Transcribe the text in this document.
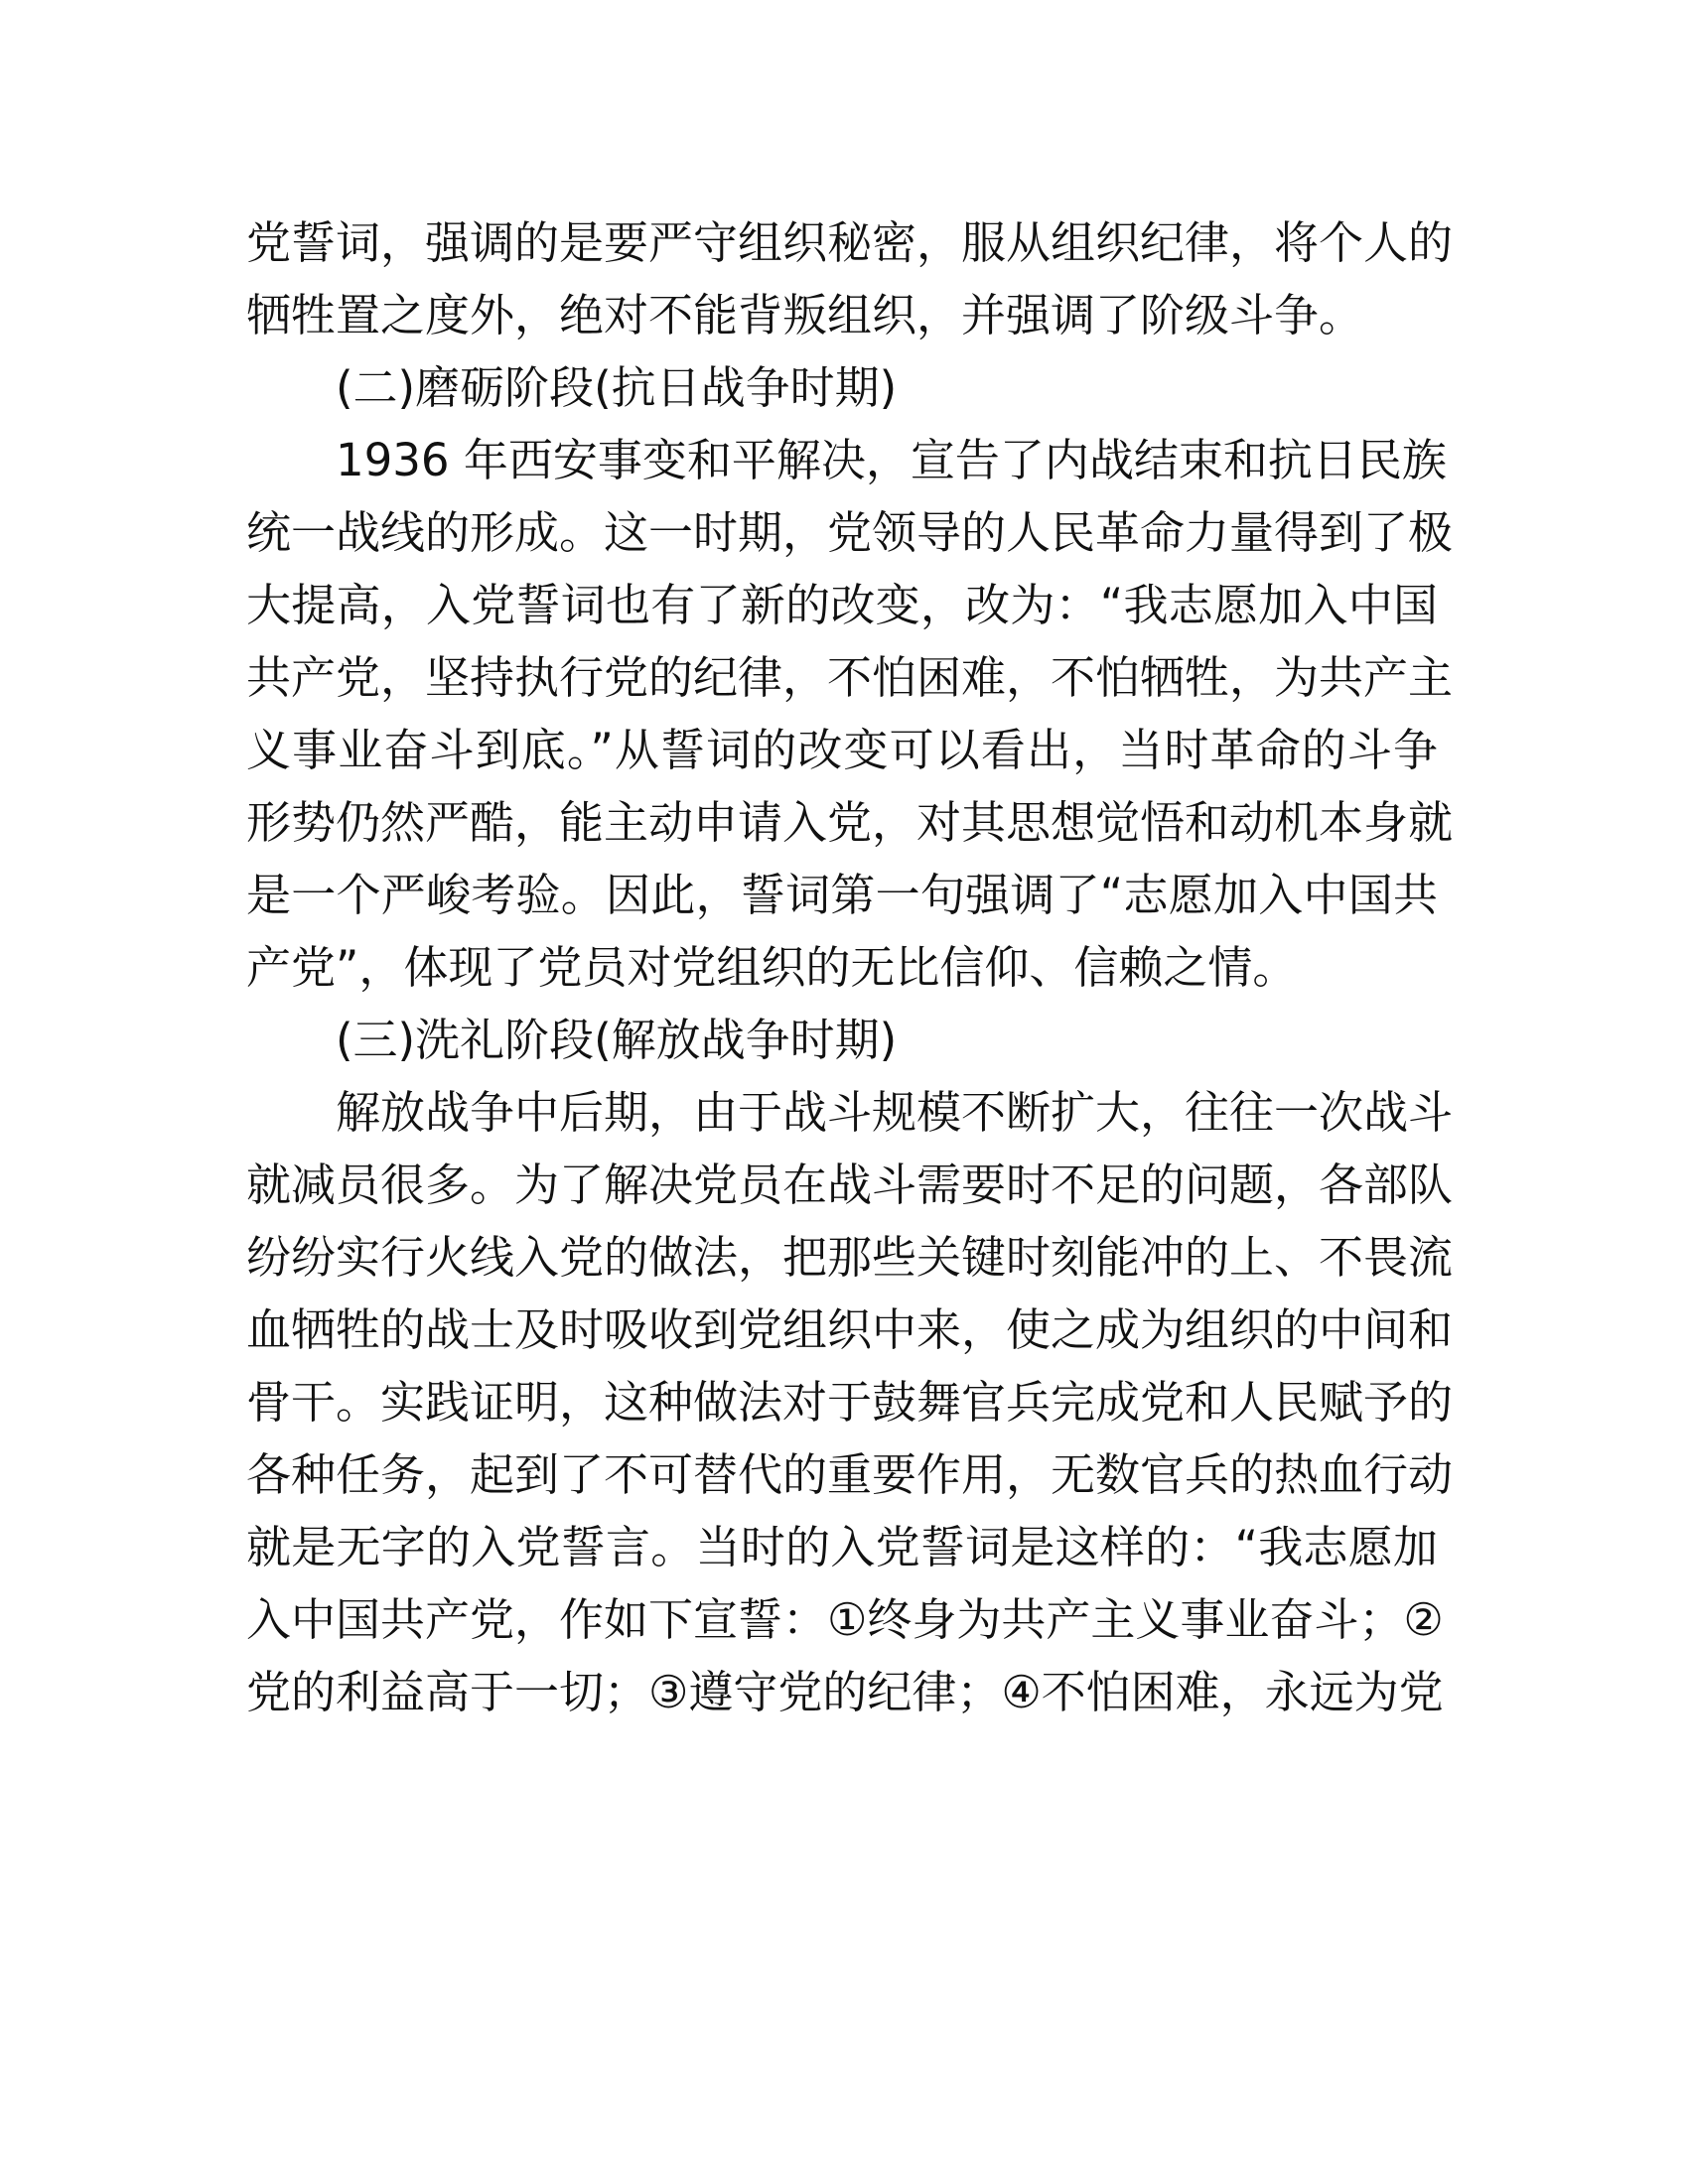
党誓词，强调的是要严守组织秘密，服从组织纪律，将个人的
牺牲置之度外，绝对不能背叛组织，并强调了阶级斗争。
(二)磨砺阶段(抗日战争时期)
1936 年西安事变和平解决，宣告了内战结束和抗日民族
统一战线的形成。这一时期，党领导的人民革命力量得到了极
大提高，入党誓词也有了新的改变，改为：“我志愿加入中国
共产党，坚持执行党的纪律，不怕困难，不怕牺牲，为共产主
义事业奋斗到底。”从誓词的改变可以看出，当时革命的斗争
形势仍然严酷，能主动申请入党，对其思想觉悟和动机本身就
是一个严峻考验。因此，誓词第一句强调了“志愿加入中国共
产党”，体现了党员对党组织的无比信仰、信赖之情。
(三)洗礼阶段(解放战争时期)
解放战争中后期，由于战斗规模不断扩大，往往一次战斗
就减员很多。为了解决党员在战斗需要时不足的问题，各部队
纷纷实行火线入党的做法，把那些关键时刻能冲的上、不畏流
血牺牲的战士及时吸收到党组织中来，使之成为组织的中间和
骨干。实践证明，这种做法对于鼓舞官兵完成党和人民赋予的
各种任务，起到了不可替代的重要作用，无数官兵的热血行动
就是无字的入党誓言。当时的入党誓词是这样的：“我志愿加
入中国共产党，作如下宣誓：①终身为共产主义事业奋斗；②
党的利益高于一切；③遵守党的纪律；④不怕困难，永远为党
